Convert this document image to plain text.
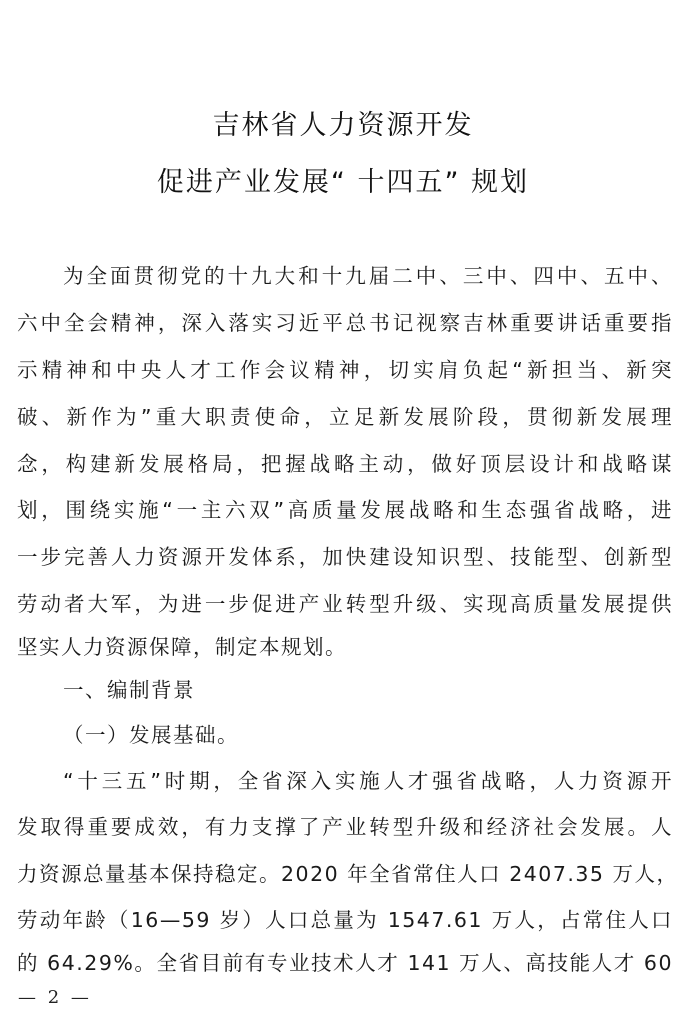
吉林省人力资源开发
促进产业发展“ 十四五” 规划
为全面贯彻党的十九大和十九届二中、三中、四中、五中、
六中全会精神，深入落实习近平总书记视察吉林重要讲话重要指
示精神和中央人才工作会议精神，切实肩负起“新担当、新突
破、新作为”重大职责使命，立足新发展阶段，贯彻新发展理
念，构建新发展格局，把握战略主动，做好顶层设计和战略谋
划，围绕实施“一主六双”高质量发展战略和生态强省战略，进
一步完善人力资源开发体系，加快建设知识型、技能型、创新型
劳动者大军，为进一步促进产业转型升级、实现高质量发展提供
坚实人力资源保障，制定本规划。
一、编制背景
（一）发展基础。
“十三五”时期，全省深入实施人才强省战略，人力资源开
发取得重要成效，有力支撑了产业转型升级和经济社会发展。人
力资源总量基本保持稳定。2020 年全省常住人口 2407.35 万人，
劳动年龄（16—59 岁）人口总量为 1547.61 万人，占常住人口
的 64.29%。全省目前有专业技术人才 141 万人、高技能人才 60
— 2 —
